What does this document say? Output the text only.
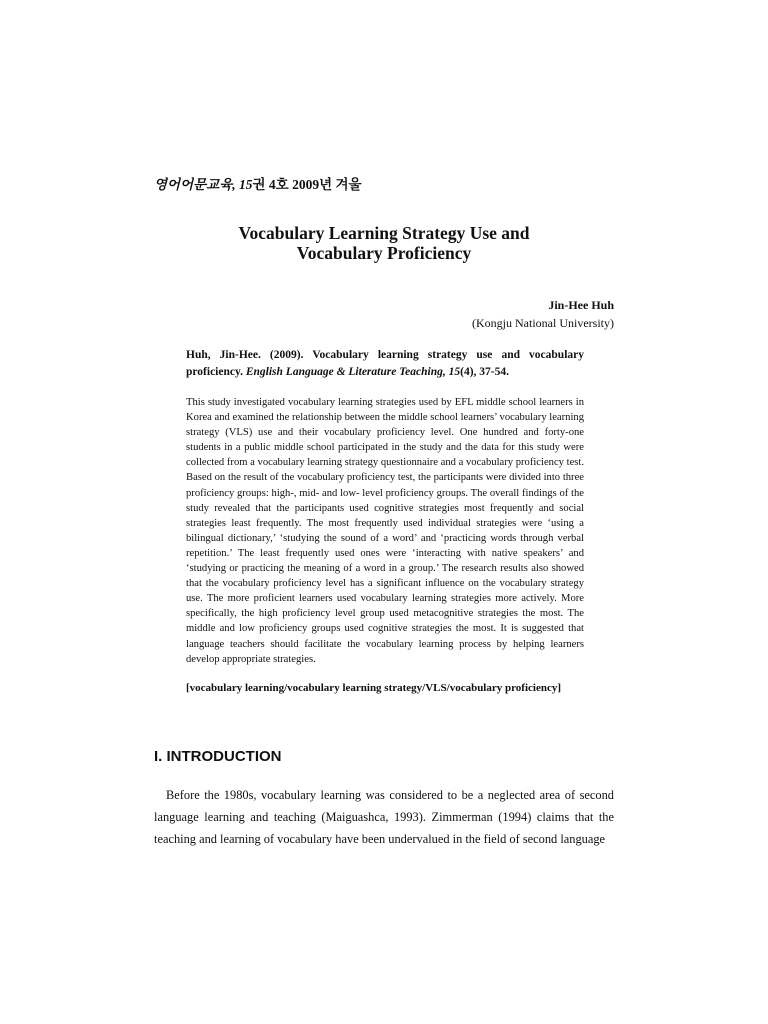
영어어문교육, 15권 4호 2009년 겨울
Vocabulary Learning Strategy Use and
Vocabulary Proficiency
Jin-Hee Huh
(Kongju National University)

Huh, Jin-Hee. (2009). Vocabulary learning strategy use and vocabulary proficiency. English Language & Literature Teaching, 15(4), 37-54.

This study investigated vocabulary learning strategies used by EFL middle school learners in Korea and examined the relationship between the middle school learners’ vocabulary learning strategy (VLS) use and their vocabulary proficiency level. One hundred and forty-one students in a public middle school participated in the study and the data for this study were collected from a vocabulary learning strategy questionnaire and a vocabulary proficiency test. Based on the result of the vocabulary proficiency test, the participants were divided into three proficiency groups: high-, mid- and low- level proficiency groups. The overall findings of the study revealed that the participants used cognitive strategies most frequently and social strategies least frequently. The most frequently used individual strategies were ‘using a bilingual dictionary,’ ‘studying the sound of a word’ and ‘practicing words through verbal repetition.’ The least frequently used ones were ‘interacting with native speakers’ and ‘studying or practicing the meaning of a word in a group.’ The research results also showed that the vocabulary proficiency level has a significant influence on the vocabulary strategy use. The more proficient learners used vocabulary learning strategies more actively. More specifically, the high proficiency level group used metacognitive strategies the most. The middle and low proficiency groups used cognitive strategies the most. It is suggested that language teachers should facilitate the vocabulary learning process by helping learners develop appropriate strategies.

[vocabulary learning/vocabulary learning strategy/VLS/vocabulary proficiency]

I. INTRODUCTION

Before the 1980s, vocabulary learning was considered to be a neglected area of second language learning and teaching (Maiguashca, 1993). Zimmerman (1994) claims that the teaching and learning of vocabulary have been undervalued in the field of second language
